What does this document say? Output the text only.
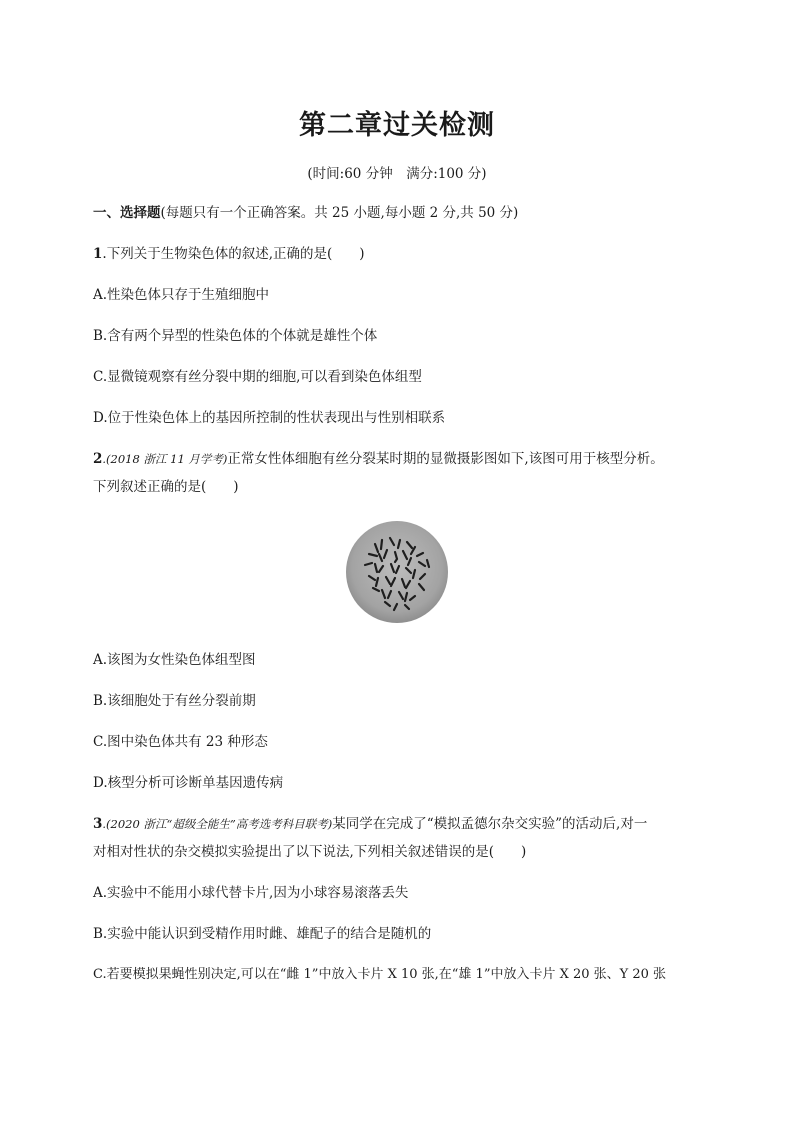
第二章过关检测
(时间:60 分钟　满分:100 分)
一、选择题(每题只有一个正确答案。共 25 小题,每小题 2 分,共 50 分)
1.下列关于生物染色体的叙述,正确的是(　　)
A.性染色体只存于生殖细胞中
B.含有两个异型的性染色体的个体就是雄性个体
C.显微镜观察有丝分裂中期的细胞,可以看到染色体组型
D.位于性染色体上的基因所控制的性状表现出与性别相联系
2.(2018 浙江 11 月学考)正常女性体细胞有丝分裂某时期的显微摄影图如下,该图可用于核型分析。
下列叙述正确的是(　　)
A.该图为女性染色体组型图
B.该细胞处于有丝分裂前期
C.图中染色体共有 23 种形态
D.核型分析可诊断单基因遗传病
3.(2020 浙江“超级全能生”高考选考科目联考)某同学在完成了“模拟孟德尔杂交实验”的活动后,对一
对相对性状的杂交模拟实验提出了以下说法,下列相关叙述错误的是(　　)
A.实验中不能用小球代替卡片,因为小球容易滚落丢失
B.实验中能认识到受精作用时雌、雄配子的结合是随机的
C.若要模拟果蝇性别决定,可以在“雌 1”中放入卡片 X 10 张,在“雄 1”中放入卡片 X 20 张、Y 20 张
